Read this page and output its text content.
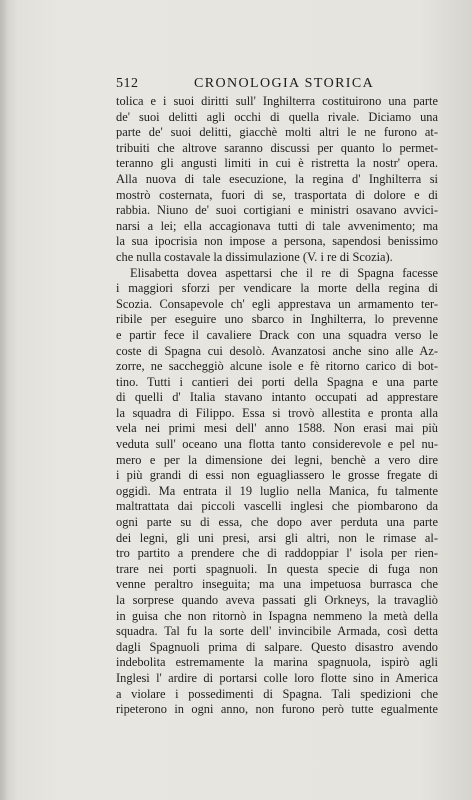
512	CRONOLOGIA STORICA
tolica e i suoi diritti sull' Inghilterra costituirono una parte
de' suoi delitti agli occhi di quella rivale. Diciamo una
parte de' suoi delitti, giacchè molti altri le ne furono at-
tribuiti che altrove saranno discussi per quanto lo permet-
teranno gli angusti limiti in cui è ristretta la nostr' opera.
Alla nuova di tale esecuzione, la regina d' Inghilterra si
mostrò costernata, fuori di se, trasportata di dolore e di
rabbia. Niuno de' suoi cortigiani e ministri osavano avvici-
narsi a lei; ella accagionava tutti di tale avvenimento; ma
la sua ipocrisia non impose a persona, sapendosi benissimo
che nulla costavale la dissimulazione (V. i re di Scozia).
Elisabetta dovea aspettarsi che il re di Spagna facesse
i maggiori sforzi per vendicare la morte della regina di
Scozia. Consapevole ch' egli apprestava un armamento ter-
ribile per eseguire uno sbarco in Inghilterra, lo prevenne
e partir fece il cavaliere Drack con una squadra verso le
coste di Spagna cui desolò. Avanzatosi anche sino alle Az-
zorre, ne saccheggiò alcune isole e fè ritorno carico di bot-
tino. Tutti i cantieri dei porti della Spagna e una parte
di quelli d' Italia stavano intanto occupati ad apprestare
la squadra di Filippo. Essa si trovò allestita e pronta alla
vela nei primi mesi dell' anno 1588. Non erasi mai più
veduta sull' oceano una flotta tanto considerevole e pel nu-
mero e per la dimensione dei legni, benchè a vero dire
i più grandi di essi non eguagliassero le grosse fregate di
oggidì. Ma entrata il 19 luglio nella Manica, fu talmente
maltrattata dai piccoli vascelli inglesi che piombarono da
ogni parte su di essa, che dopo aver perduta una parte
dei legni, gli uni presi, arsi gli altri, non le rimase al-
tro partito a prendere che di raddoppiar l' isola per rien-
trare nei porti spagnuoli. In questa specie di fuga non
venne peraltro inseguita; ma una impetuosa burrasca che
la sorprese quando aveva passati gli Orkneys, la travagliò
in guisa che non ritornò in Ispagna nemmeno la metà della
squadra. Tal fu la sorte dell' invincibile Armada, così detta
dagli Spagnuoli prima di salpare. Questo disastro avendo
indebolita estremamente la marina spagnuola, ispirò agli
Inglesi l' ardire di portarsi colle loro flotte sino in America
a violare i possedimenti di Spagna. Tali spedizioni che
ripeterono in ogni anno, non furono però tutte egualmente
